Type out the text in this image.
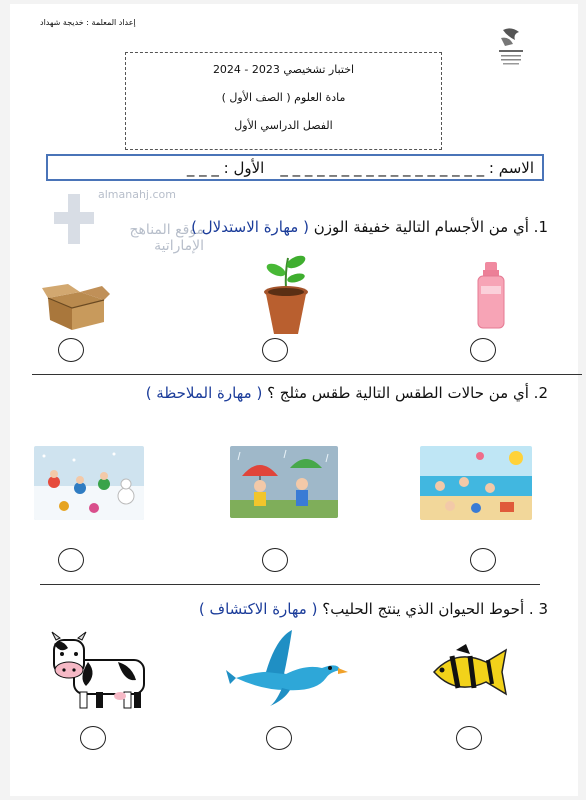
إعداد المعلمة : خديجة شهداد
اختبار تشخيصي 2023 - 2024
مادة العلوم ( الصف الأول )
الفصل الدراسي الأول
الاسم : _ _ _ _ _ _ _ _ _ _ _ _ _ _ _ _ _
الأول : _ _ _
almanahj.com
موقع المناهج الإماراتية
1. أي من الأجسام التالية خفيفة الوزن ( مهارة الاستدلال )
2. أي من حالات الطقس التالية طقس مثلج ؟ ( مهارة الملاحظة )
3 . أحوط الحيوان الذي ينتج الحليب؟ ( مهارة الاكتشاف )
